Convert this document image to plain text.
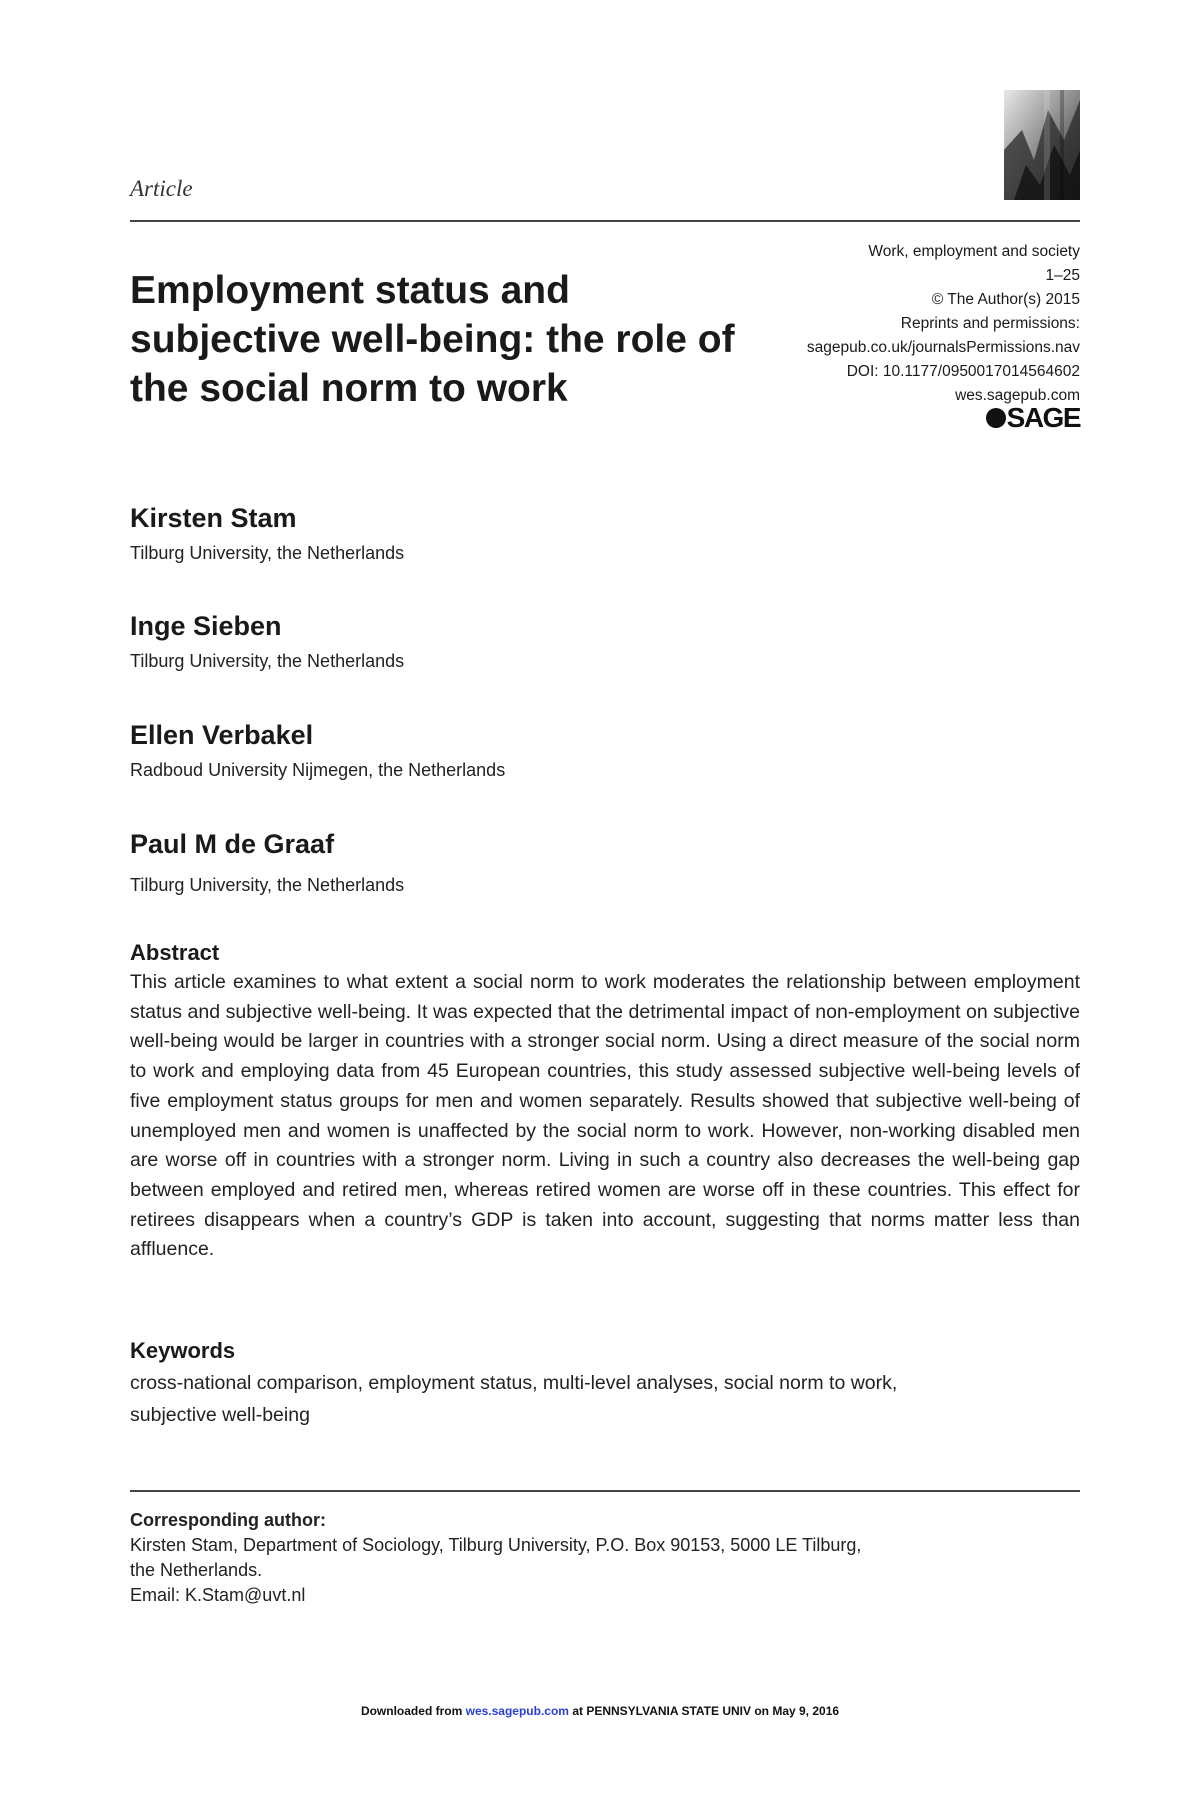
Article
Employment status and subjective well-being: the role of the social norm to work
Work, employment and society
1–25
© The Author(s) 2015
Reprints and permissions:
sagepub.co.uk/journalsPermissions.nav
DOI: 10.1177/0950017014564602
wes.sagepub.com
SAGE
Kirsten Stam
Tilburg University, the Netherlands
Inge Sieben
Tilburg University, the Netherlands
Ellen Verbakel
Radboud University Nijmegen, the Netherlands
Paul M de Graaf
Tilburg University, the Netherlands
Abstract

This article examines to what extent a social norm to work moderates the relationship between employment status and subjective well-being. It was expected that the detrimental impact of non-employment on subjective well-being would be larger in countries with a stronger social norm. Using a direct measure of the social norm to work and employing data from 45 European countries, this study assessed subjective well-being levels of five employment status groups for men and women separately. Results showed that subjective well-being of unemployed men and women is unaffected by the social norm to work. However, non-working disabled men are worse off in countries with a stronger norm. Living in such a country also decreases the well-being gap between employed and retired men, whereas retired women are worse off in these countries. This effect for retirees disappears when a country’s GDP is taken into account, suggesting that norms matter less than affluence.

Keywords
cross-national comparison, employment status, multi-level analyses, social norm to work,
subjective well-being
Corresponding author:
Kirsten Stam, Department of Sociology, Tilburg University, P.O. Box 90153, 5000 LE Tilburg,
the Netherlands.
Email: K.Stam@uvt.nl
Downloaded from wes.sagepub.com at PENNSYLVANIA STATE UNIV on May 9, 2016
